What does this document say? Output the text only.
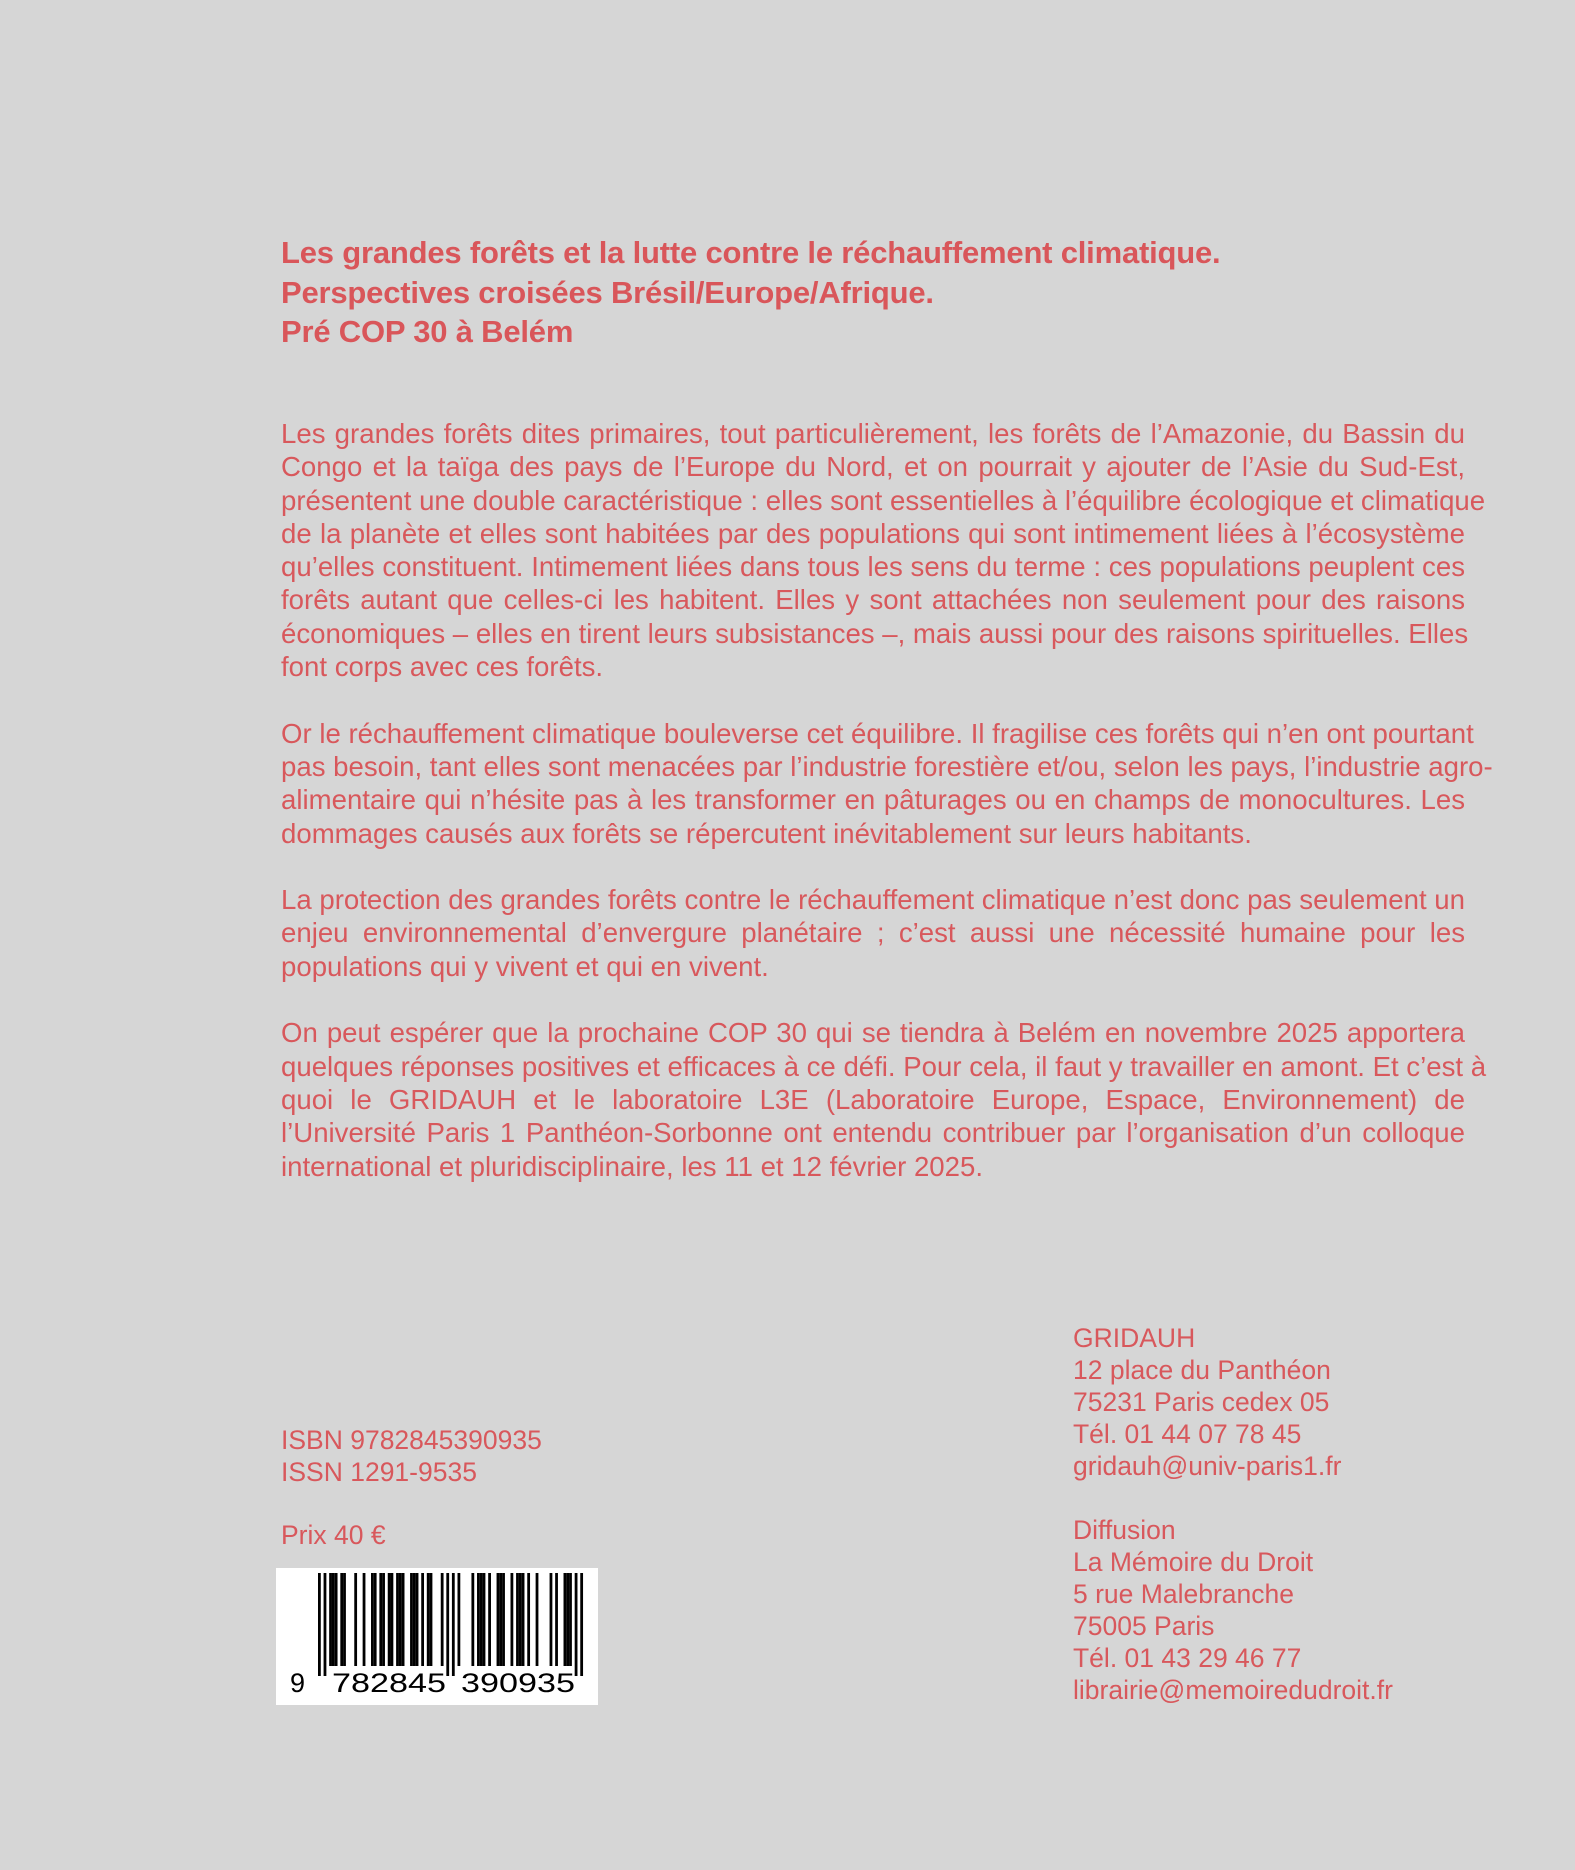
Les grandes forêts et la lutte contre le réchauffement climatique.
Perspectives croisées Brésil/Europe/Afrique.
Pré COP 30 à Belém
Les grandes forêts dites primaires, tout particulièrement, les forêts de l’Amazonie, du Bassin du
Congo et la taïga des pays de l’Europe du Nord, et on pourrait y ajouter de l’Asie du Sud-Est,
présentent une double caractéristique : elles sont essentielles à l’équilibre écologique et climatique
de la planète et elles sont habitées par des populations qui sont intimement liées à l’écosystème
qu’elles constituent. Intimement liées dans tous les sens du terme : ces populations peuplent ces
forêts autant que celles-ci les habitent. Elles y sont attachées non seulement pour des raisons
économiques – elles en tirent leurs subsistances –, mais aussi pour des raisons spirituelles. Elles
font corps avec ces forêts.
Or le réchauffement climatique bouleverse cet équilibre. Il fragilise ces forêts qui n’en ont pourtant
pas besoin, tant elles sont menacées par l’industrie forestière et/ou, selon les pays, l’industrie agro-
alimentaire qui n’hésite pas à les transformer en pâturages ou en champs de monocultures. Les
dommages causés aux forêts se répercutent inévitablement sur leurs habitants.
La protection des grandes forêts contre le réchauffement climatique n’est donc pas seulement un
enjeu environnemental d’envergure planétaire ; c’est aussi une nécessité humaine pour les
populations qui y vivent et qui en vivent.
On peut espérer que la prochaine COP 30 qui se tiendra à Belém en novembre 2025 apportera
quelques réponses positives et efficaces à ce défi. Pour cela, il faut y travailler en amont. Et c’est à
quoi le GRIDAUH et le laboratoire L3E (Laboratoire Europe, Espace, Environnement) de
l’Université Paris 1 Panthéon-Sorbonne ont entendu contribuer par l’organisation d’un colloque
international et pluridisciplinaire, les 11 et 12 février 2025.
ISBN 9782845390935
ISSN 1291-9535
Prix 40 €
9 782845 390935
GRIDAUH
12 place du Panthéon
75231 Paris cedex 05
Tél. 01 44 07 78 45
gridauh@univ-paris1.fr
Diffusion
La Mémoire du Droit
5 rue Malebranche
75005 Paris
Tél. 01 43 29 46 77
librairie@memoiredudroit.fr
